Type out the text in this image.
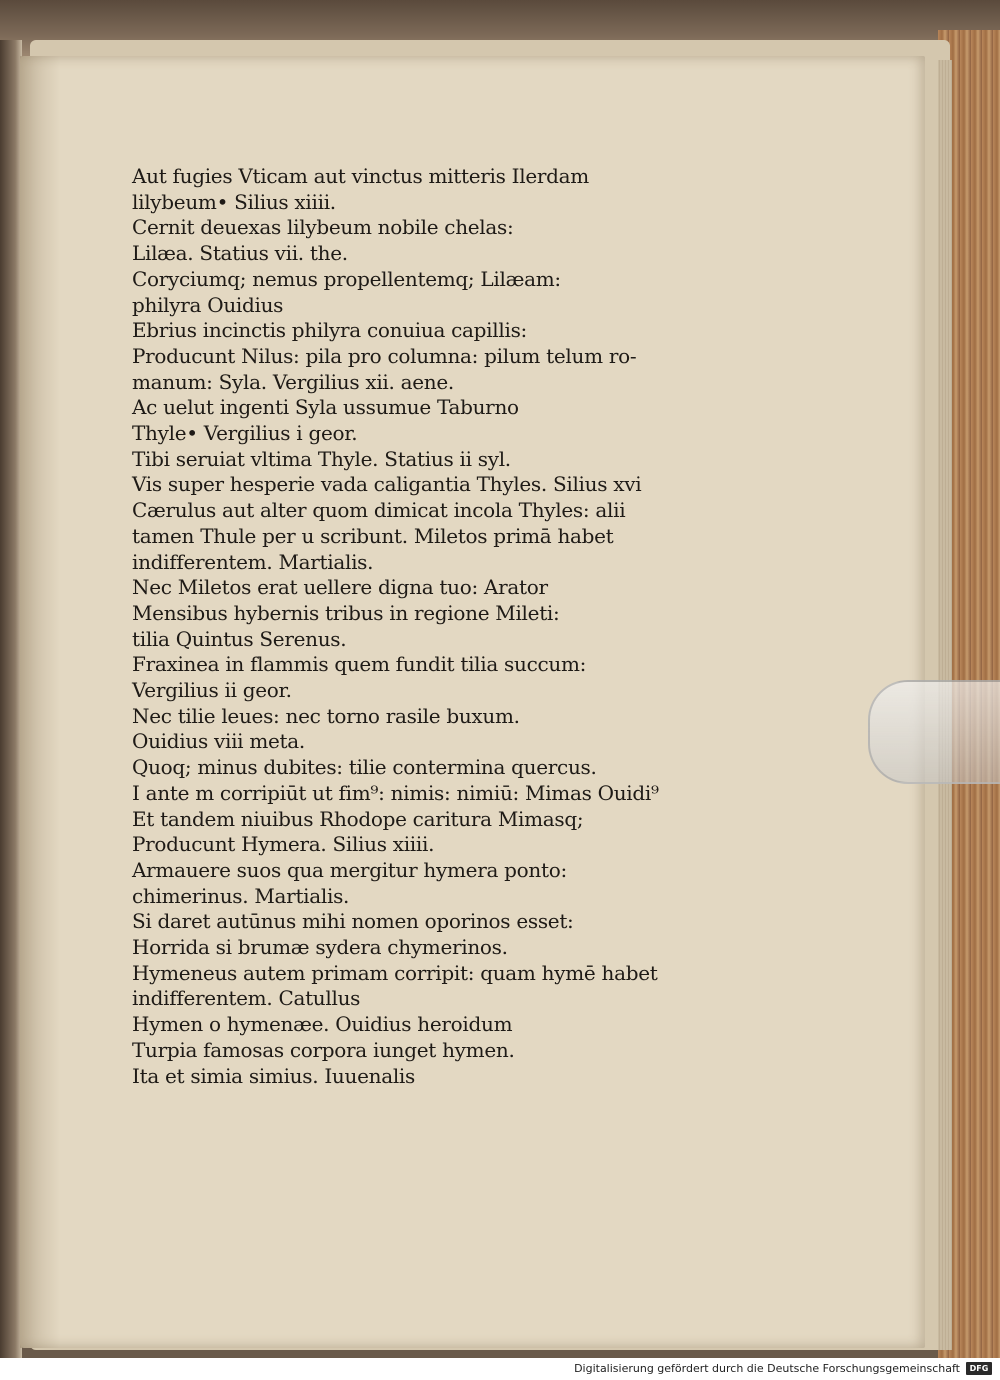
Aut fugies Vticam aut vinctus mitteris Ilerdam
lilybeum• Silius xiiii.
Cernit deuexas lilybeum nobile chelas:
Lilæa. Statius vii. the.
Coryciumq; nemus propellentemq; Lilæam:
philyra Ouidius
Ebrius incinctis philyra conuiua capillis:
Producunt Nilus: pila pro columna: pilum telum ro-
manum: Syla. Vergilius xii. aene.
Ac uelut ingenti Syla ussumue Taburno
Thyle• Vergilius i geor.
Tibi seruiat vltima Thyle. Statius ii syl.
Vis super hesperie vada caligantia Thyles. Silius xvi
Cærulus aut alter quom dimicat incola Thyles: alii
tamen Thule per u scribunt. Miletos primā habet
indifferentem. Martialis.
Nec Miletos erat uellere digna tuo: Arator
Mensibus hybernis tribus in regione Mileti:
tilia Quintus Serenus.
Fraxinea in flammis quem fundit tilia succum:
Vergilius ii geor.
Nec tilie leues: nec torno rasile buxum.
Ouidius viii meta.
Quoq; minus dubites: tilie contermina quercus.
I ante m corripiūt ut fim⁹: nimis: nimiū: Mimas Ouidi⁹
Et tandem niuibus Rhodope caritura Mimasq;
Producunt Hymera. Silius xiiii.
Armauere suos qua mergitur hymera ponto:
chimerinus. Martialis.
Si daret autūnus mihi nomen oporinos esset:
Horrida si brumæ sydera chymerinos.
Hymeneus autem primam corripit: quam hymē habet
indifferentem. Catullus
Hymen o hymenæe. Ouidius heroidum
Turpia famosas corpora iunget hymen.
Ita et simia simius. Iuuenalis
Digitalisierung gefördert durch die Deutsche Forschungsgemeinschaft	DFG
